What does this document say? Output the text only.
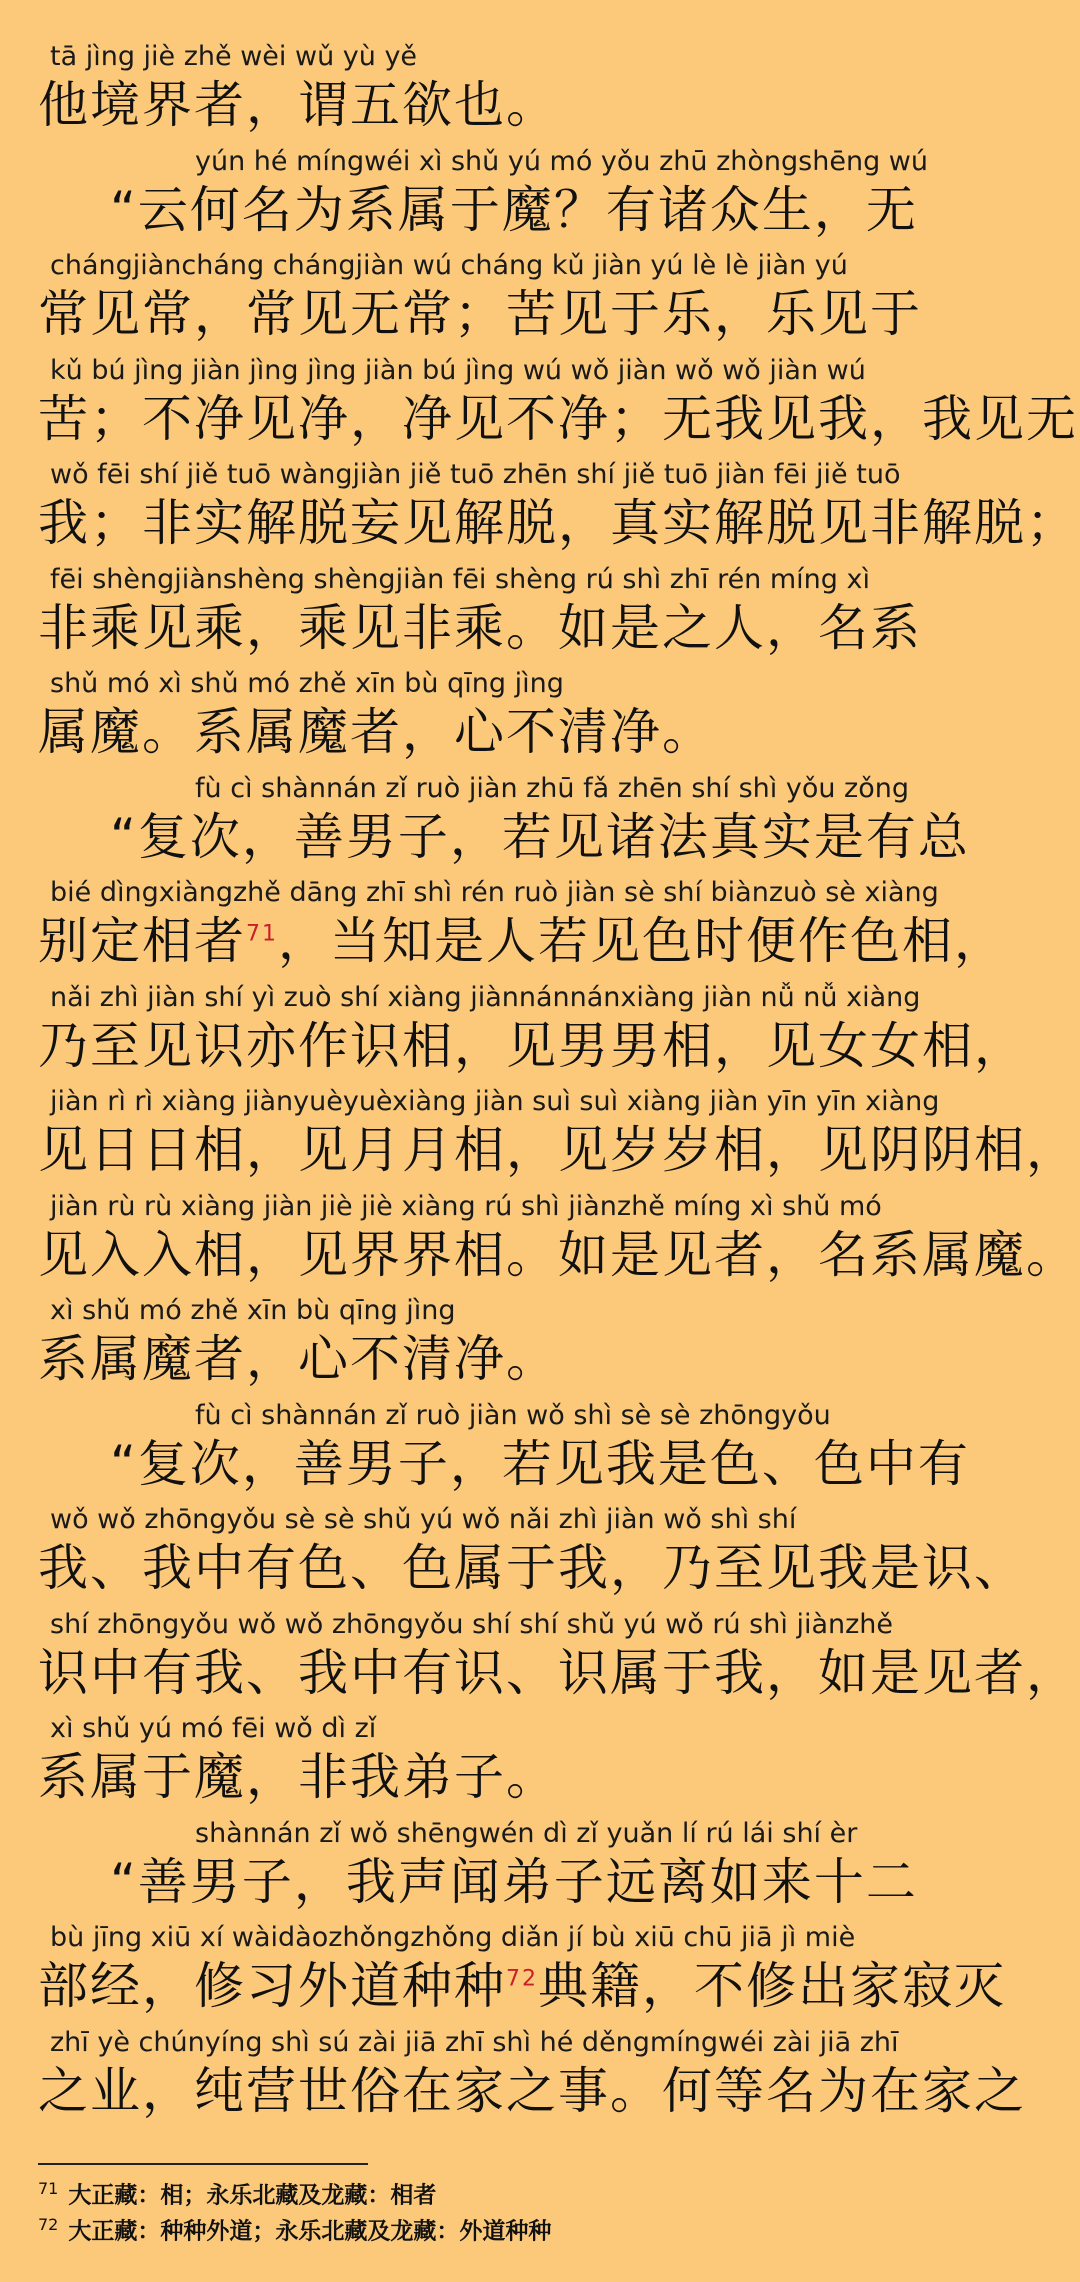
tā jìng jiè zhě wèi wǔ yù yě
他境界者，谓五欲也。
yún hé míngwéi xì shǔ yú mó yǒu zhū zhòngshēng wú
“云何名为系属于魔？有诸众生，无
chángjiàncháng chángjiàn wú cháng kǔ jiàn yú lè lè jiàn yú
常见常，常见无常；苦见于乐，乐见于
kǔ bú jìng jiàn jìng jìng jiàn bú jìng wú wǒ jiàn wǒ wǒ jiàn wú
苦；不净见净，净见不净；无我见我，我见无
wǒ fēi shí jiě tuō wàngjiàn jiě tuō zhēn shí jiě tuō jiàn fēi jiě tuō
我；非实解脱妄见解脱，真实解脱见非解脱；
fēi shèngjiànshèng shèngjiàn fēi shèng rú shì zhī rén míng xì
非乘见乘，乘见非乘。如是之人，名系
shǔ mó xì shǔ mó zhě xīn bù qīng jìng
属魔。系属魔者，心不清净。
fù cì shànnán zǐ ruò jiàn zhū fǎ zhēn shí shì yǒu zǒng
“复次，善男子，若见诸法真实是有总
bié dìngxiàngzhě dāng zhī shì rén ruò jiàn sè shí biànzuò sè xiàng
别定相者$^{71}$，当知是人若见色时便作色相，
nǎi zhì jiàn shí yì zuò shí xiàng jiànnánnánxiàng jiàn nǚ nǚ xiàng
乃至见识亦作识相，见男男相，见女女相，
jiàn rì rì xiàng jiànyuèyuèxiàng jiàn suì suì xiàng jiàn yīn yīn xiàng
见日日相，见月月相，见岁岁相，见阴阴相，
jiàn rù rù xiàng jiàn jiè jiè xiàng rú shì jiànzhě míng xì shǔ mó
见入入相，见界界相。如是见者，名系属魔。
xì shǔ mó zhě xīn bù qīng jìng
系属魔者，心不清净。
fù cì shànnán zǐ ruò jiàn wǒ shì sè sè zhōngyǒu
“复次，善男子，若见我是色、色中有
wǒ wǒ zhōngyǒu sè sè shǔ yú wǒ nǎi zhì jiàn wǒ shì shí
我、我中有色、色属于我，乃至见我是识、
shí zhōngyǒu wǒ wǒ zhōngyǒu shí shí shǔ yú wǒ rú shì jiànzhě
识中有我、我中有识、识属于我，如是见者，
xì shǔ yú mó fēi wǒ dì zǐ
系属于魔，非我弟子。
shànnán zǐ wǒ shēngwén dì zǐ yuǎn lí rú lái shí èr
“善男子，我声闻弟子远离如来十二
bù jīng xiū xí wàidàozhǒngzhǒng diǎn jí bù xiū chū jiā jì miè
部经，修习外道种种$^{72}$典籍，不修出家寂灭
zhī yè chúnyíng shì sú zài jiā zhī shì hé děngmíngwéi zài jiā zhī
之业，纯营世俗在家之事。何等名为在家之
$^{71}$ 大正藏：相；永乐北藏及龙藏：相者
$^{72}$ 大正藏：种种外道；永乐北藏及龙藏：外道种种
